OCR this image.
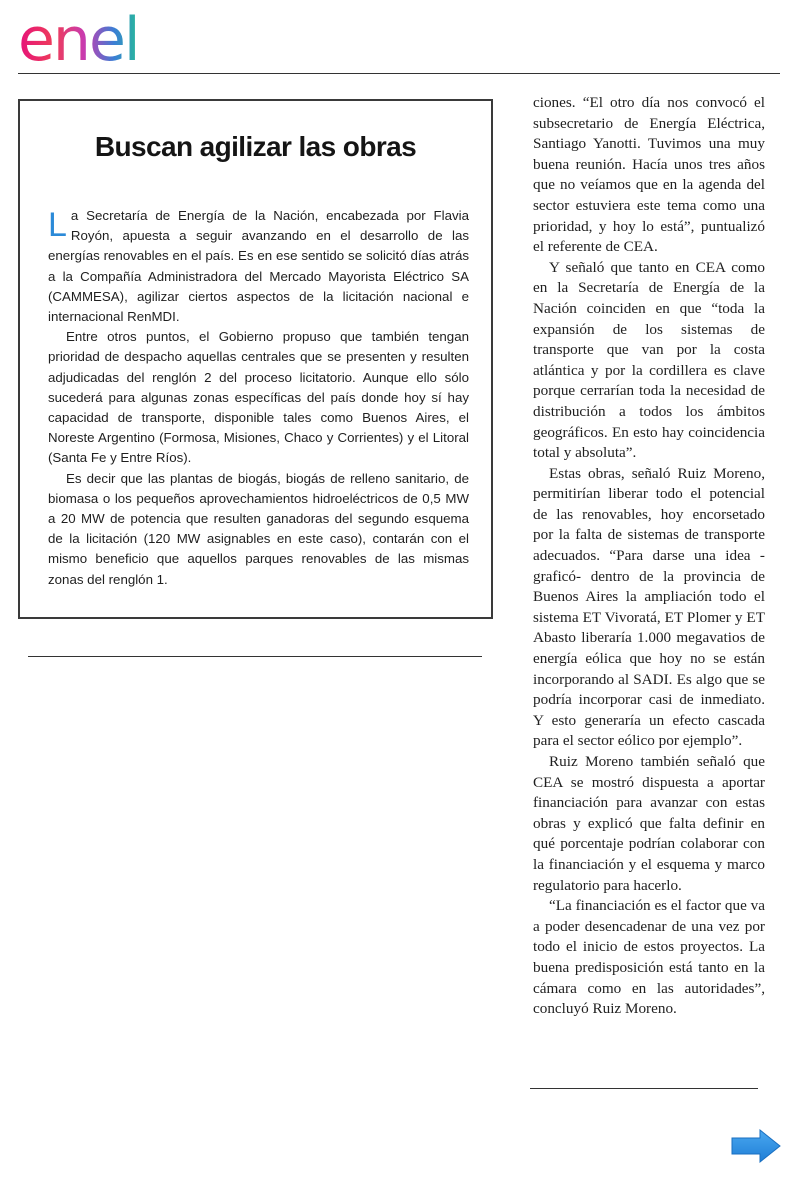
enel
Buscan agilizar las obras

La Secretaría de Energía de la Nación, encabezada por Flavia Royón, apuesta a seguir avanzando en el desarrollo de las energías renovables en el país. Es en ese sentido se solicitó días atrás a la Compañía Administradora del Mercado Mayorista Eléctrico SA (CAMMESA), agilizar ciertos aspectos de la licitación nacional e internacional RenMDI.

Entre otros puntos, el Gobierno propuso que también tengan prioridad de despacho aquellas centrales que se presenten y resulten adjudicadas del renglón 2 del proceso licitatorio. Aunque ello sólo sucederá para algunas zonas específicas del país donde hoy sí hay capacidad de transporte, disponible tales como Buenos Aires, el Noreste Argentino (Formosa, Misiones, Chaco y Corrientes) y el Litoral (Santa Fe y Entre Ríos).

Es decir que las plantas de biogás, biogás de relleno sanitario, de biomasa o los pequeños aprovechamientos hidroeléctricos de 0,5 MW a 20 MW de potencia que resulten ganadoras del segundo esquema de la licitación (120 MW asignables en este caso), contarán con el mismo beneficio que aquellos parques renovables de las mismas zonas del renglón 1.

ciones. “El otro día nos convocó el subsecretario de Energía Eléctrica, Santiago Yanotti. Tuvimos una muy buena reunión. Hacía unos tres años que no veíamos que en la agenda del sector estuviera este tema como una prioridad, y hoy lo está”, puntualizó el referente de CEA.

Y señaló que tanto en CEA como en la Secretaría de Energía de la Nación coinciden en que “toda la expansión de los sistemas de transporte que van por la costa atlántica y por la cordillera es clave porque cerrarían toda la necesidad de distribución a todos los ámbitos geográficos. En esto hay coincidencia total y absoluta”.

Estas obras, señaló Ruiz Moreno, permitirían liberar todo el potencial de las renovables, hoy encorsetado por la falta de sistemas de transporte adecuados. “Para darse una idea -graficó- dentro de la provincia de Buenos Aires la ampliación todo el sistema ET Vivoratá, ET Plomer y ET Abasto liberaría 1.000 megavatios de energía eólica que hoy no se están incorporando al SADI. Es algo que se podría incorporar casi de inmediato. Y esto generaría un efecto cascada para el sector eólico por ejemplo”.

Ruiz Moreno también señaló que CEA se mostró dispuesta a aportar financiación para avanzar con estas obras y explicó que falta definir en qué porcentaje podrían colaborar con la financiación y el esquema y marco regulatorio para hacerlo.

“La financiación es el factor que va a poder desencadenar de una vez por todo el inicio de estos proyectos. La buena predisposición está tanto en la cámara como en las autoridades”, concluyó Ruiz Moreno.
